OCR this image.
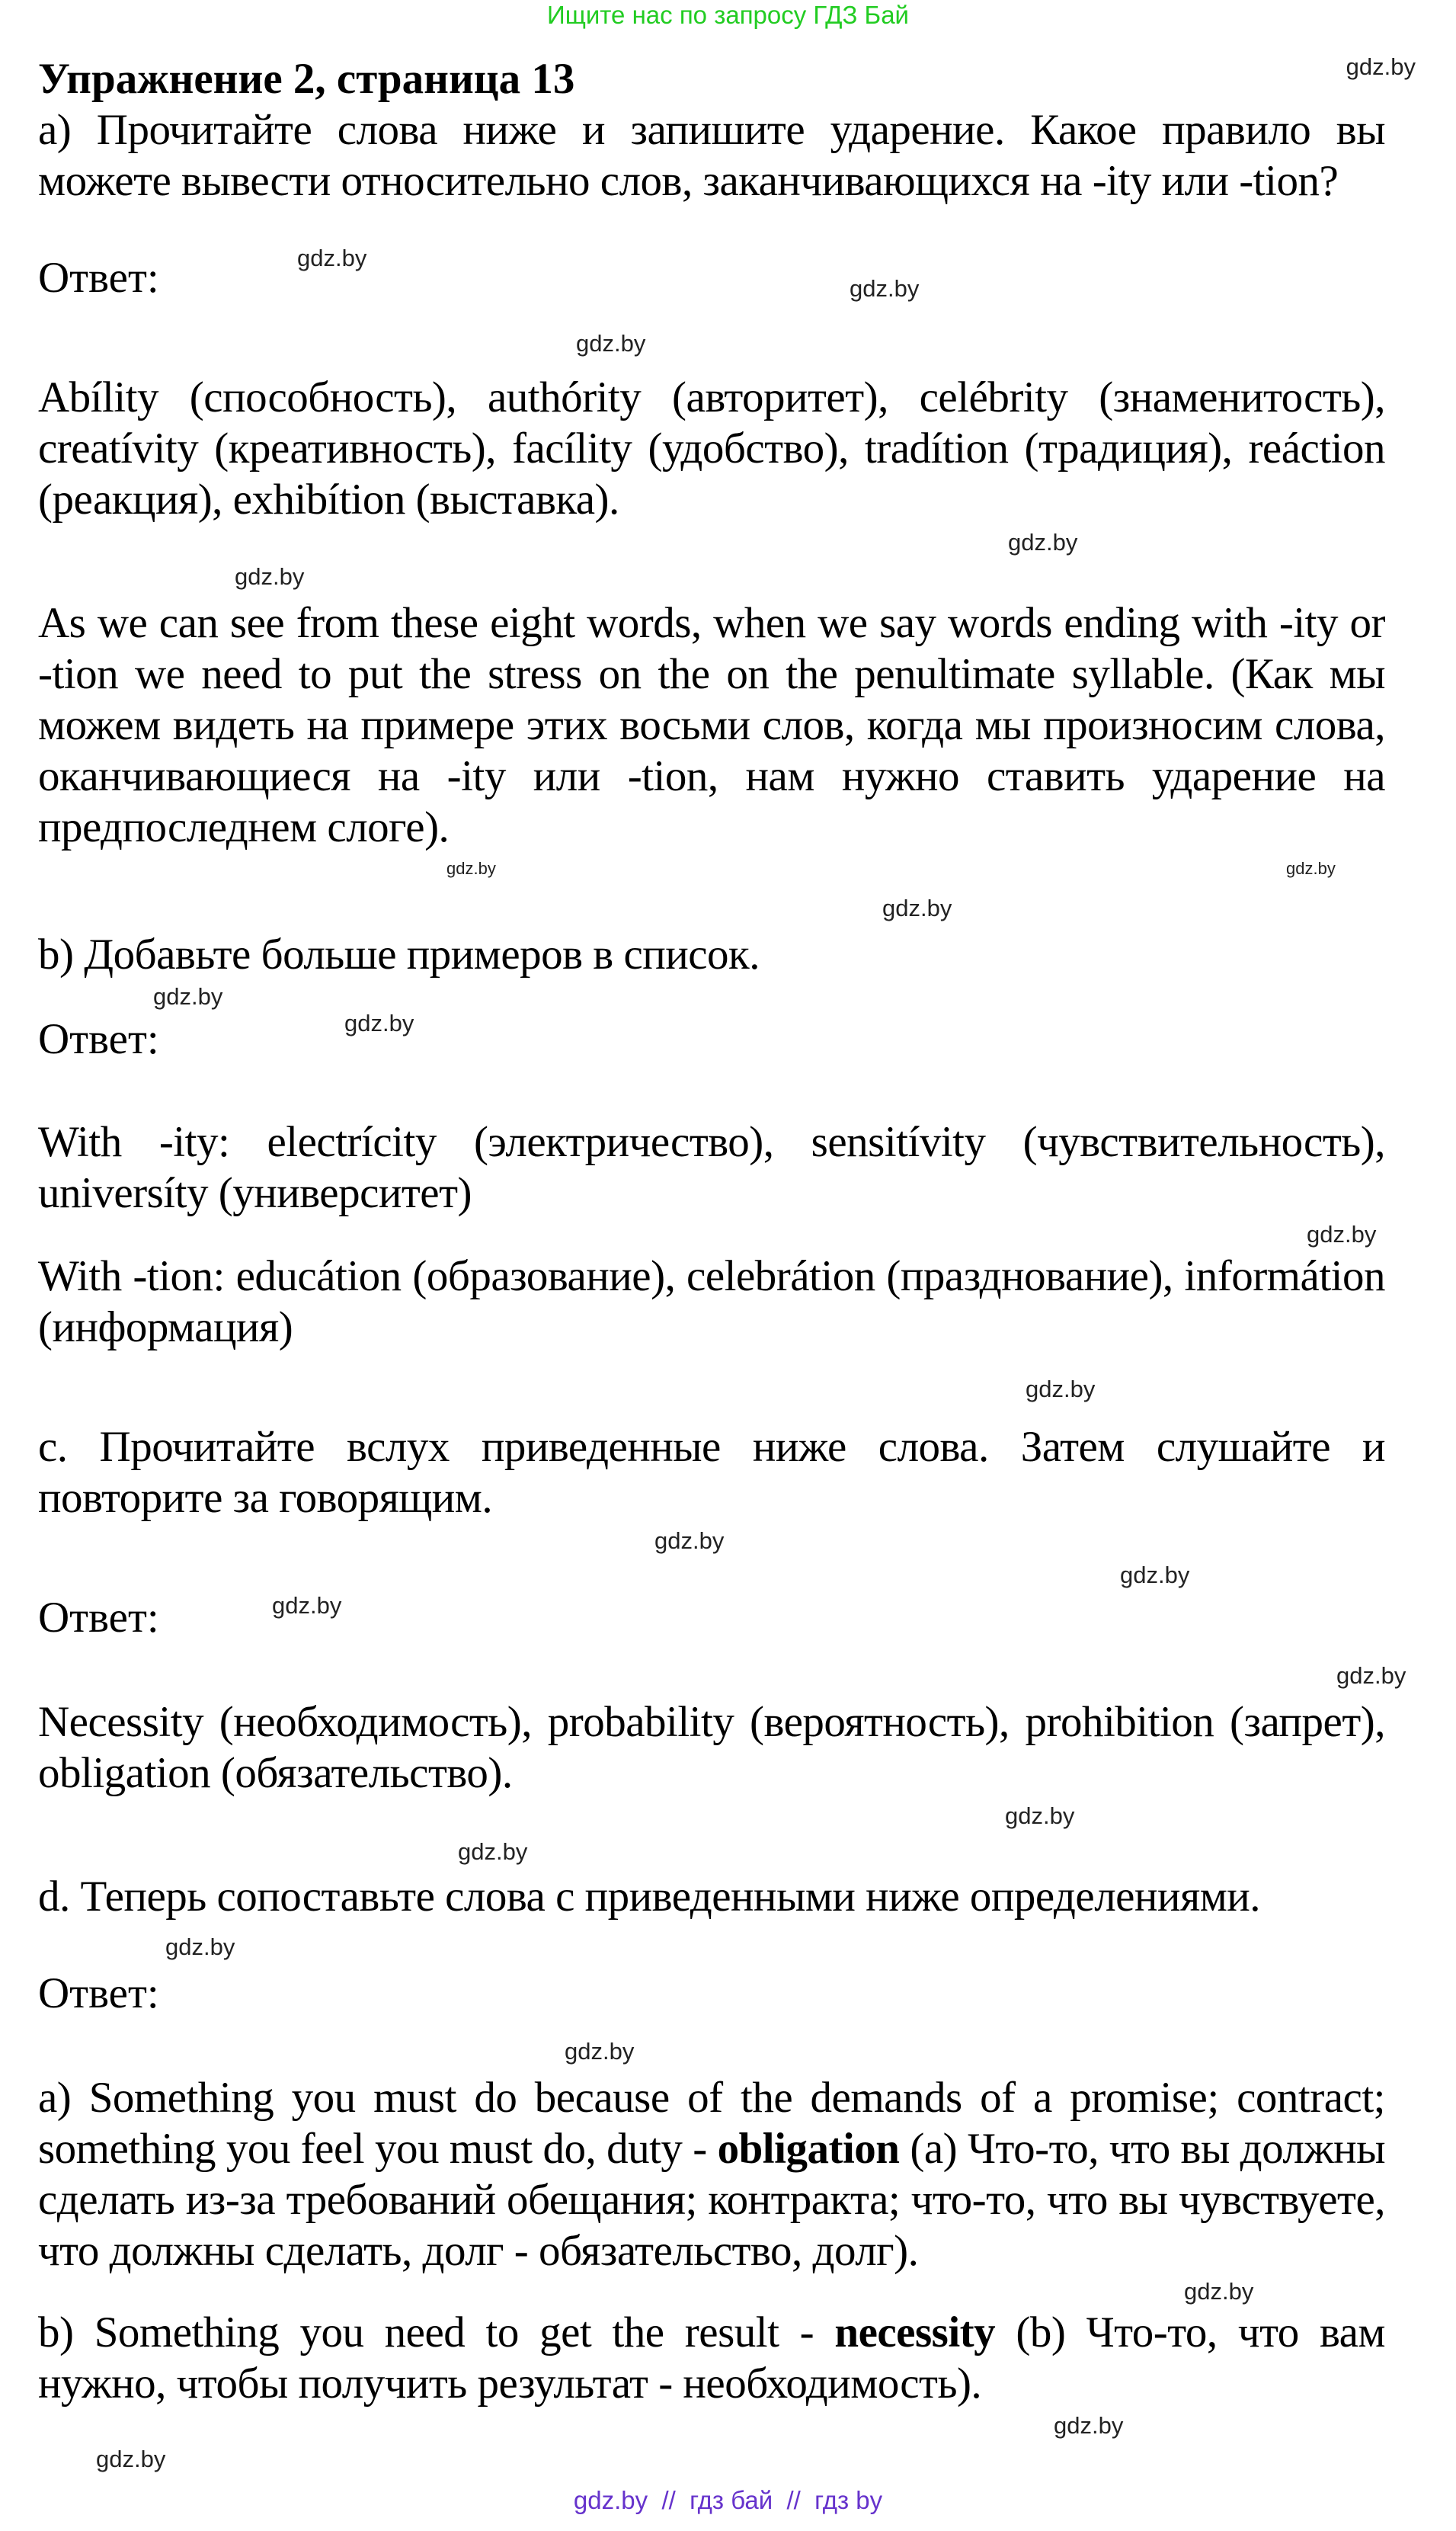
Ищите нас по запросу ГДЗ Бай
Упражнение 2, страница 13	gdz.by
a) Прочитайте слова ниже и запишите ударение. Какое правило вы можете вывести относительно слов, заканчивающихся на -ity или -tion?
Ответ:	gdz.by
gdz.by
gdz.by
Abílity (способность), authórity (авторитет), celébrity (знаменитость), creatívity (креативность), facílity (удобство), tradítion (традиция), reáction (реакция), exhibítion (выставка).
gdz.by
gdz.by
As we can see from these eight words, when we say words ending with -ity or -tion we need to put the stress on the on the penultimate syllable. (Как мы можем видеть на примере этих восьми слов, когда мы произносим слова, оканчивающиеся на -ity или -tion, нам нужно ставить ударение на предпоследнем слоге).
gdz.by	gdz.by
gdz.by
b) Добавьте больше примеров в список.
gdz.by
Ответ:	gdz.by
With -ity: electrícity (электричество), sensitívity (чувствительность), universíty (университет)
gdz.by
With -tion: educátion (образование), celebrátion (празднование), informátion (информация)
gdz.by
c. Прочитайте вслух приведенные ниже слова. Затем слушайте и повторите за говорящим.
gdz.by
gdz.by
Ответ:	gdz.by
gdz.by
Necessity (необходимость), probability (вероятность), prohibition (запрет), obligation (обязательство).
gdz.by
gdz.by
d. Теперь сопоставьте слова с приведенными ниже определениями.
gdz.by
Ответ:
gdz.by
a) Something you must do because of the demands of a promise; contract; something you feel you must do, duty - obligation (a) Что-то, что вы должны сделать из-за требований обещания; контракта; что-то, что вы чувствуете, что должны сделать, долг - обязательство, долг).
gdz.by
b) Something you need to get the result - necessity (b) Что-то, что вам нужно, чтобы получить результат - необходимость).
gdz.by
gdz.by
gdz.by  //  гдз бай  //  гдз by
